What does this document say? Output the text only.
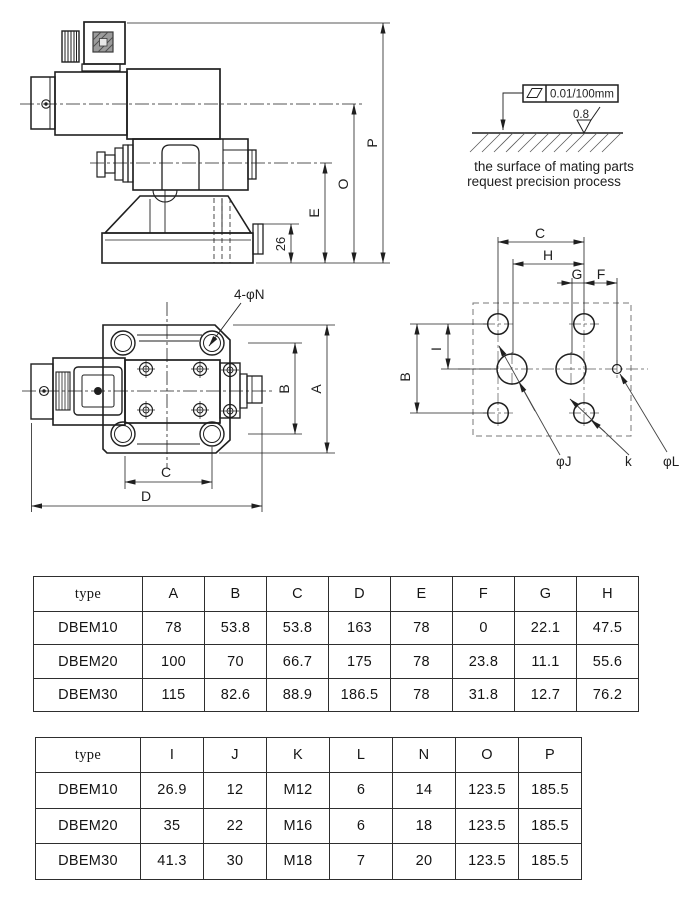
26
E
O
P
0.01/100mm
0.8
the surface of mating parts
request precision process
4-φN
A
B
C
D
C
H
G F
B
I
φJ	k φL
type	A	B	C	D	E	F	G	H
DBEM10	78	53.8	53.8	163	78	0	22.1	47.5
DBEM20	100	70	66.7	175	78	23.8	11.1	55.6
DBEM30	115	82.6	88.9	186.5	78	31.8	12.7	76.2
type	I	J	K	L	N	O	P
DBEM10	26.9	12	M12	6	14	123.5	185.5
DBEM20	35	22	M16	6	18	123.5	185.5
DBEM30	41.3	30	M18	7	20	123.5	185.5
